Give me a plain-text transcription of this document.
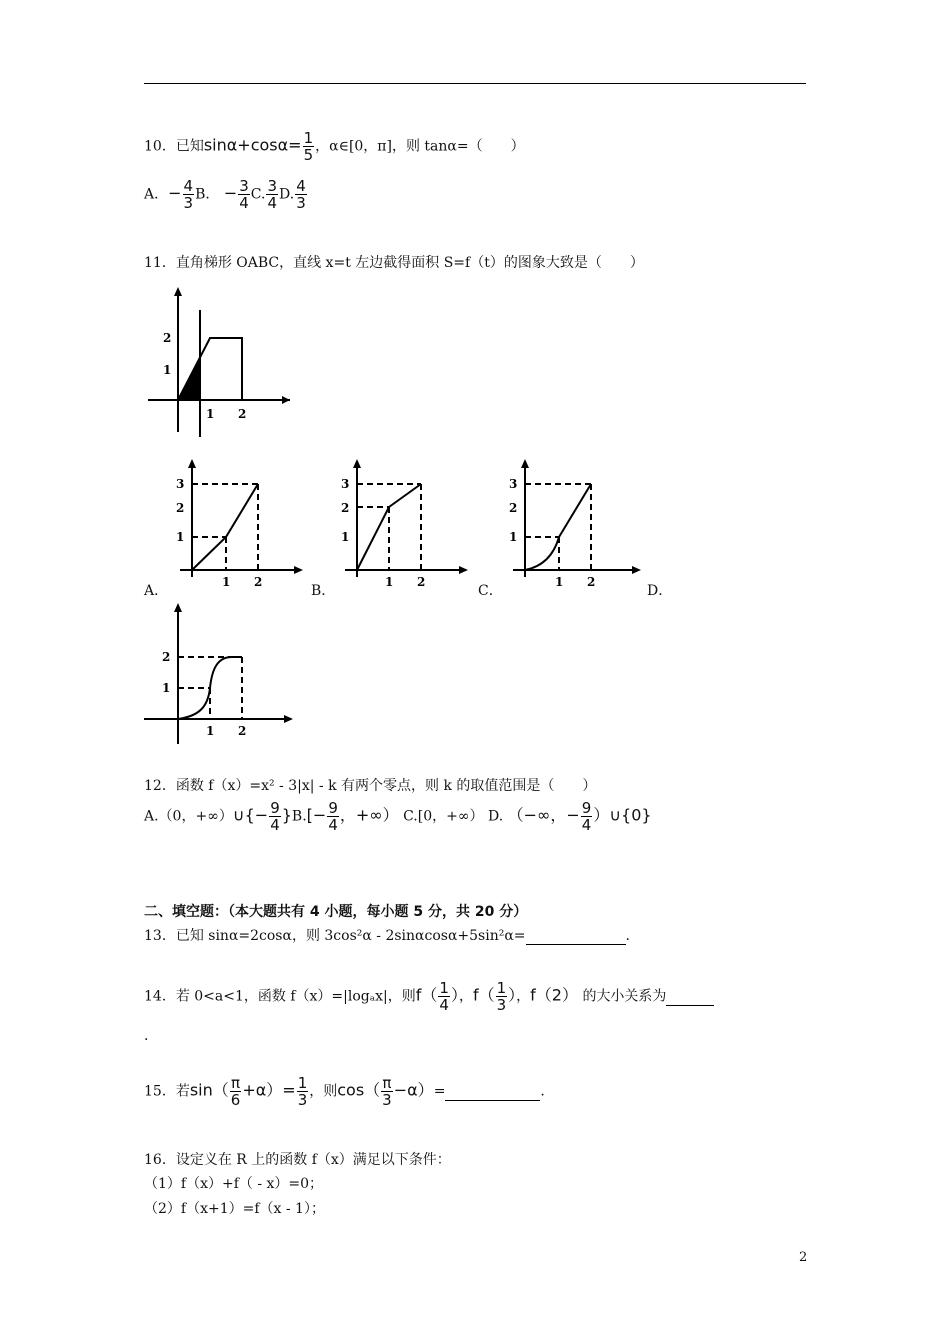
10．已知$\sin\alpha+\cos\alpha= \frac{1}{5}$ ，α∈[0，π]，则 tanα=（　　）
A．− $\frac{4}{3}$ B． − $\frac{3}{4} C$. $\frac{3}{4} D$. $\frac{4}{3}$
11．直角梯形 OABC，直线 x=t 左边截得面积 S=f（t）的图象大致是（　　）
2
1
1 2
A．
3
2
1
1 2
B．
3
2
1
1 2
C．
3
2
1
1 2
D．
2
1
1 2
12．函数 f（x）=x² - 3|x| - k 有两个零点，则 k 的取值范围是（　　）
A.（0，+∞）∪{− $\frac{9}{4} \}B.[- \frac{9}{4}$ ，+∞） C.[0，+∞） D. （−∞，− $\frac{9}{4}$ ）∪{0}
二、填空题：（本大题共有 4 小题，每小题 5 分，共 20 分）
13．已知 sinα=2cosα，则 3cos²α - 2sinαcosα+5sin²α=	.
14．若 0<a<1，函数 f（x）=|logₐx|，则$f( \frac{1}{4}$ ），$f( \frac{1}{3}$ ），f（2） 的大小关系为
.
15．若$\sin( \frac{\pi}{6} +\alpha)= \frac{1}{3}$ ，则$\cos( \frac{\pi}{3} -\alpha)=$	.
16．设定义在 R 上的函数 f（x）满足以下条件：
（1）f（x）+f（ - x）=0；
（2）f（x+1）=f（x - 1）；
2
